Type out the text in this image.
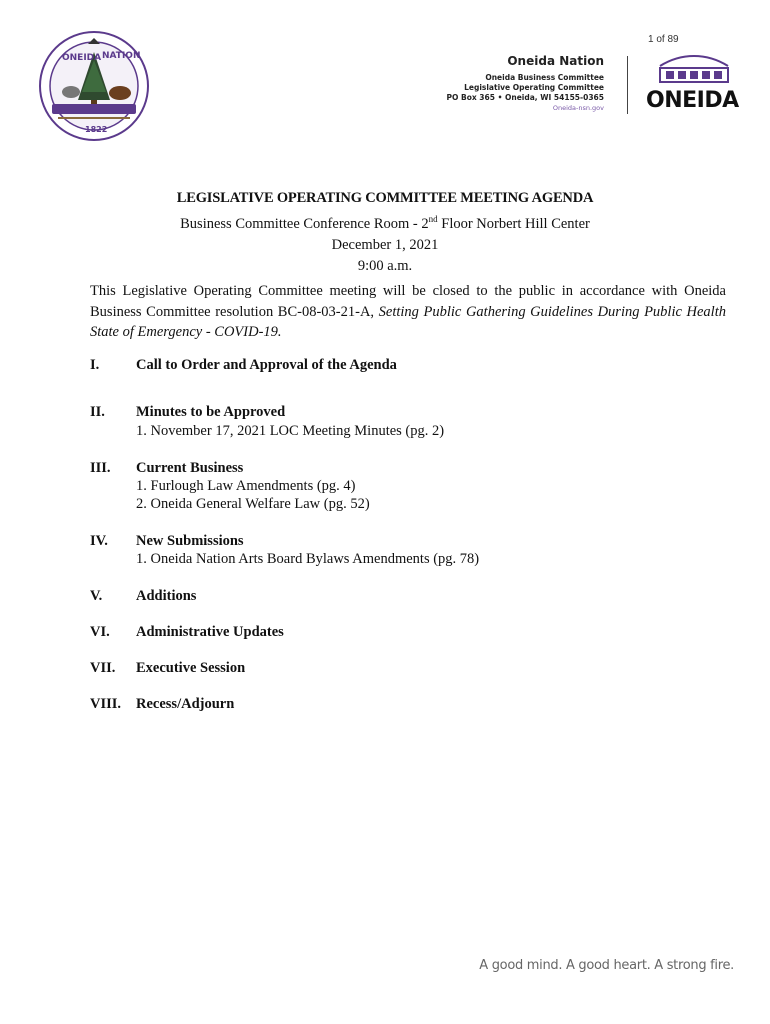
1 of 89
ONEIDA NATION
1822
Oneida Nation
Oneida Business Committee
Legislative Operating Committee
PO Box 365 • Oneida, WI 54155-0365
Oneida-nsn.gov ONEIDA
LEGISLATIVE OPERATING COMMITTEE MEETING AGENDA
Business Committee Conference Room - 2nd Floor Norbert Hill Center
December 1, 2021
9:00 a.m.
This Legislative Operating Committee meeting will be closed to the public in accordance with Oneida Business Committee resolution BC-08-03-21-A, Setting Public Gathering Guidelines During Public Health State of Emergency - COVID-19.
I.	Call to Order and Approval of the Agenda
II. Minutes to be Approved
1. November 17, 2021 LOC Meeting Minutes (pg. 2)
III. Current Business
1. Furlough Law Amendments (pg. 4)
2. Oneida General Welfare Law (pg. 52)
IV. New Submissions
1. Oneida Nation Arts Board Bylaws Amendments (pg. 78)
V. Additions
VI. Administrative Updates
VII. Executive Session
VIII. Recess/Adjourn
A good mind. A good heart. A strong fire.
